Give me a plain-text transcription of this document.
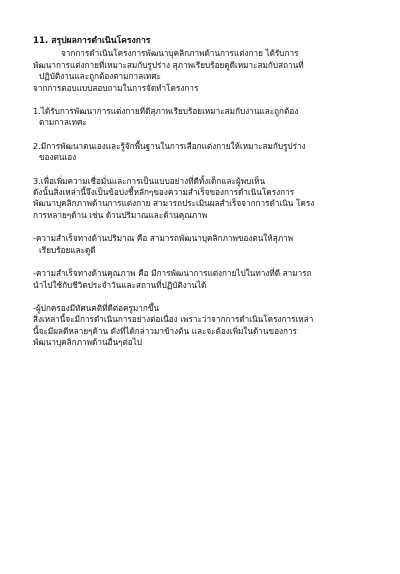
11. สรุปผลการดำเนินโครงการ
จากการดำเนินโครงการพัฒนาบุคลิกภาพด้านการแต่งกาย ได้รับการ
พัฒนาการแต่งกายที่เหมาะสมกับรูปร่าง สุภาพเรียบร้อยดูดีเหมาะสมกับสถานที่
ปฏิบัติงานและถูกต้องตามกาลเทศะ
จากการตอบแบบสอบถามในการจัดทำโครงการ
1.ได้รับการพัฒนาการแต่งกายที่ดีสุภาพเรียบร้อยเหมาะสมกับงานและถูกต้อง
ตามกาลเทศะ
2.มีการพัฒนาตนเองและรู้จักพื้นฐานในการเลือกแต่งกายให้เหมาะสมกับรูปร่าง
ของตนเอง
3.เพื่อเพิ่มความเชื่อมั่นและการเป็นแบบอย่างที่ดีทั้งเด็กและผู้พบเห็น
ดังนั้นสิ่งเหล่านี้จึงเป็นข้อบ่งชี้หลักๆของความสำเร็จของการดำเนินโครงการ
พัฒนาบุคลิกภาพด้านการแต่งกาย สามารถประเมินผลสำเร็จจากการดำเนิน โครง
การหลายๆด้าน เช่น ด้านปริมาณและด้านคุณภาพ
-ความสำเร็จทางด้านปริมาณ คือ สามารถพัฒนาบุคลิกภาพของตนให้สุภาพ
เรียบร้อยและดูดี
-ความสำเร็จทางด้านคุณภาพ คือ มีการพัฒนาการแต่งกายไปในทางที่ดี สามารถ
นำไปใช้กับชีวิตประจำวันและสถานที่ปฏิบัติงานได้
-ผู้ปกครองมีทัศนคติที่ดีต่อครูมากขึ้น
สิ่งเหล่านี้จะมีการดำเนินการอย่างต่อเนื่อง เพราะว่าจากการดำเนินโครงการเหล่า
นี้จะมีผลดีหลายๆด้าน ดังที่ได้กล่าวมาข้างต้น และจะต้องเพิ่มในด้านของการ
พัฒนาบุคลิกภาพด้านอื่นๆต่อไป
